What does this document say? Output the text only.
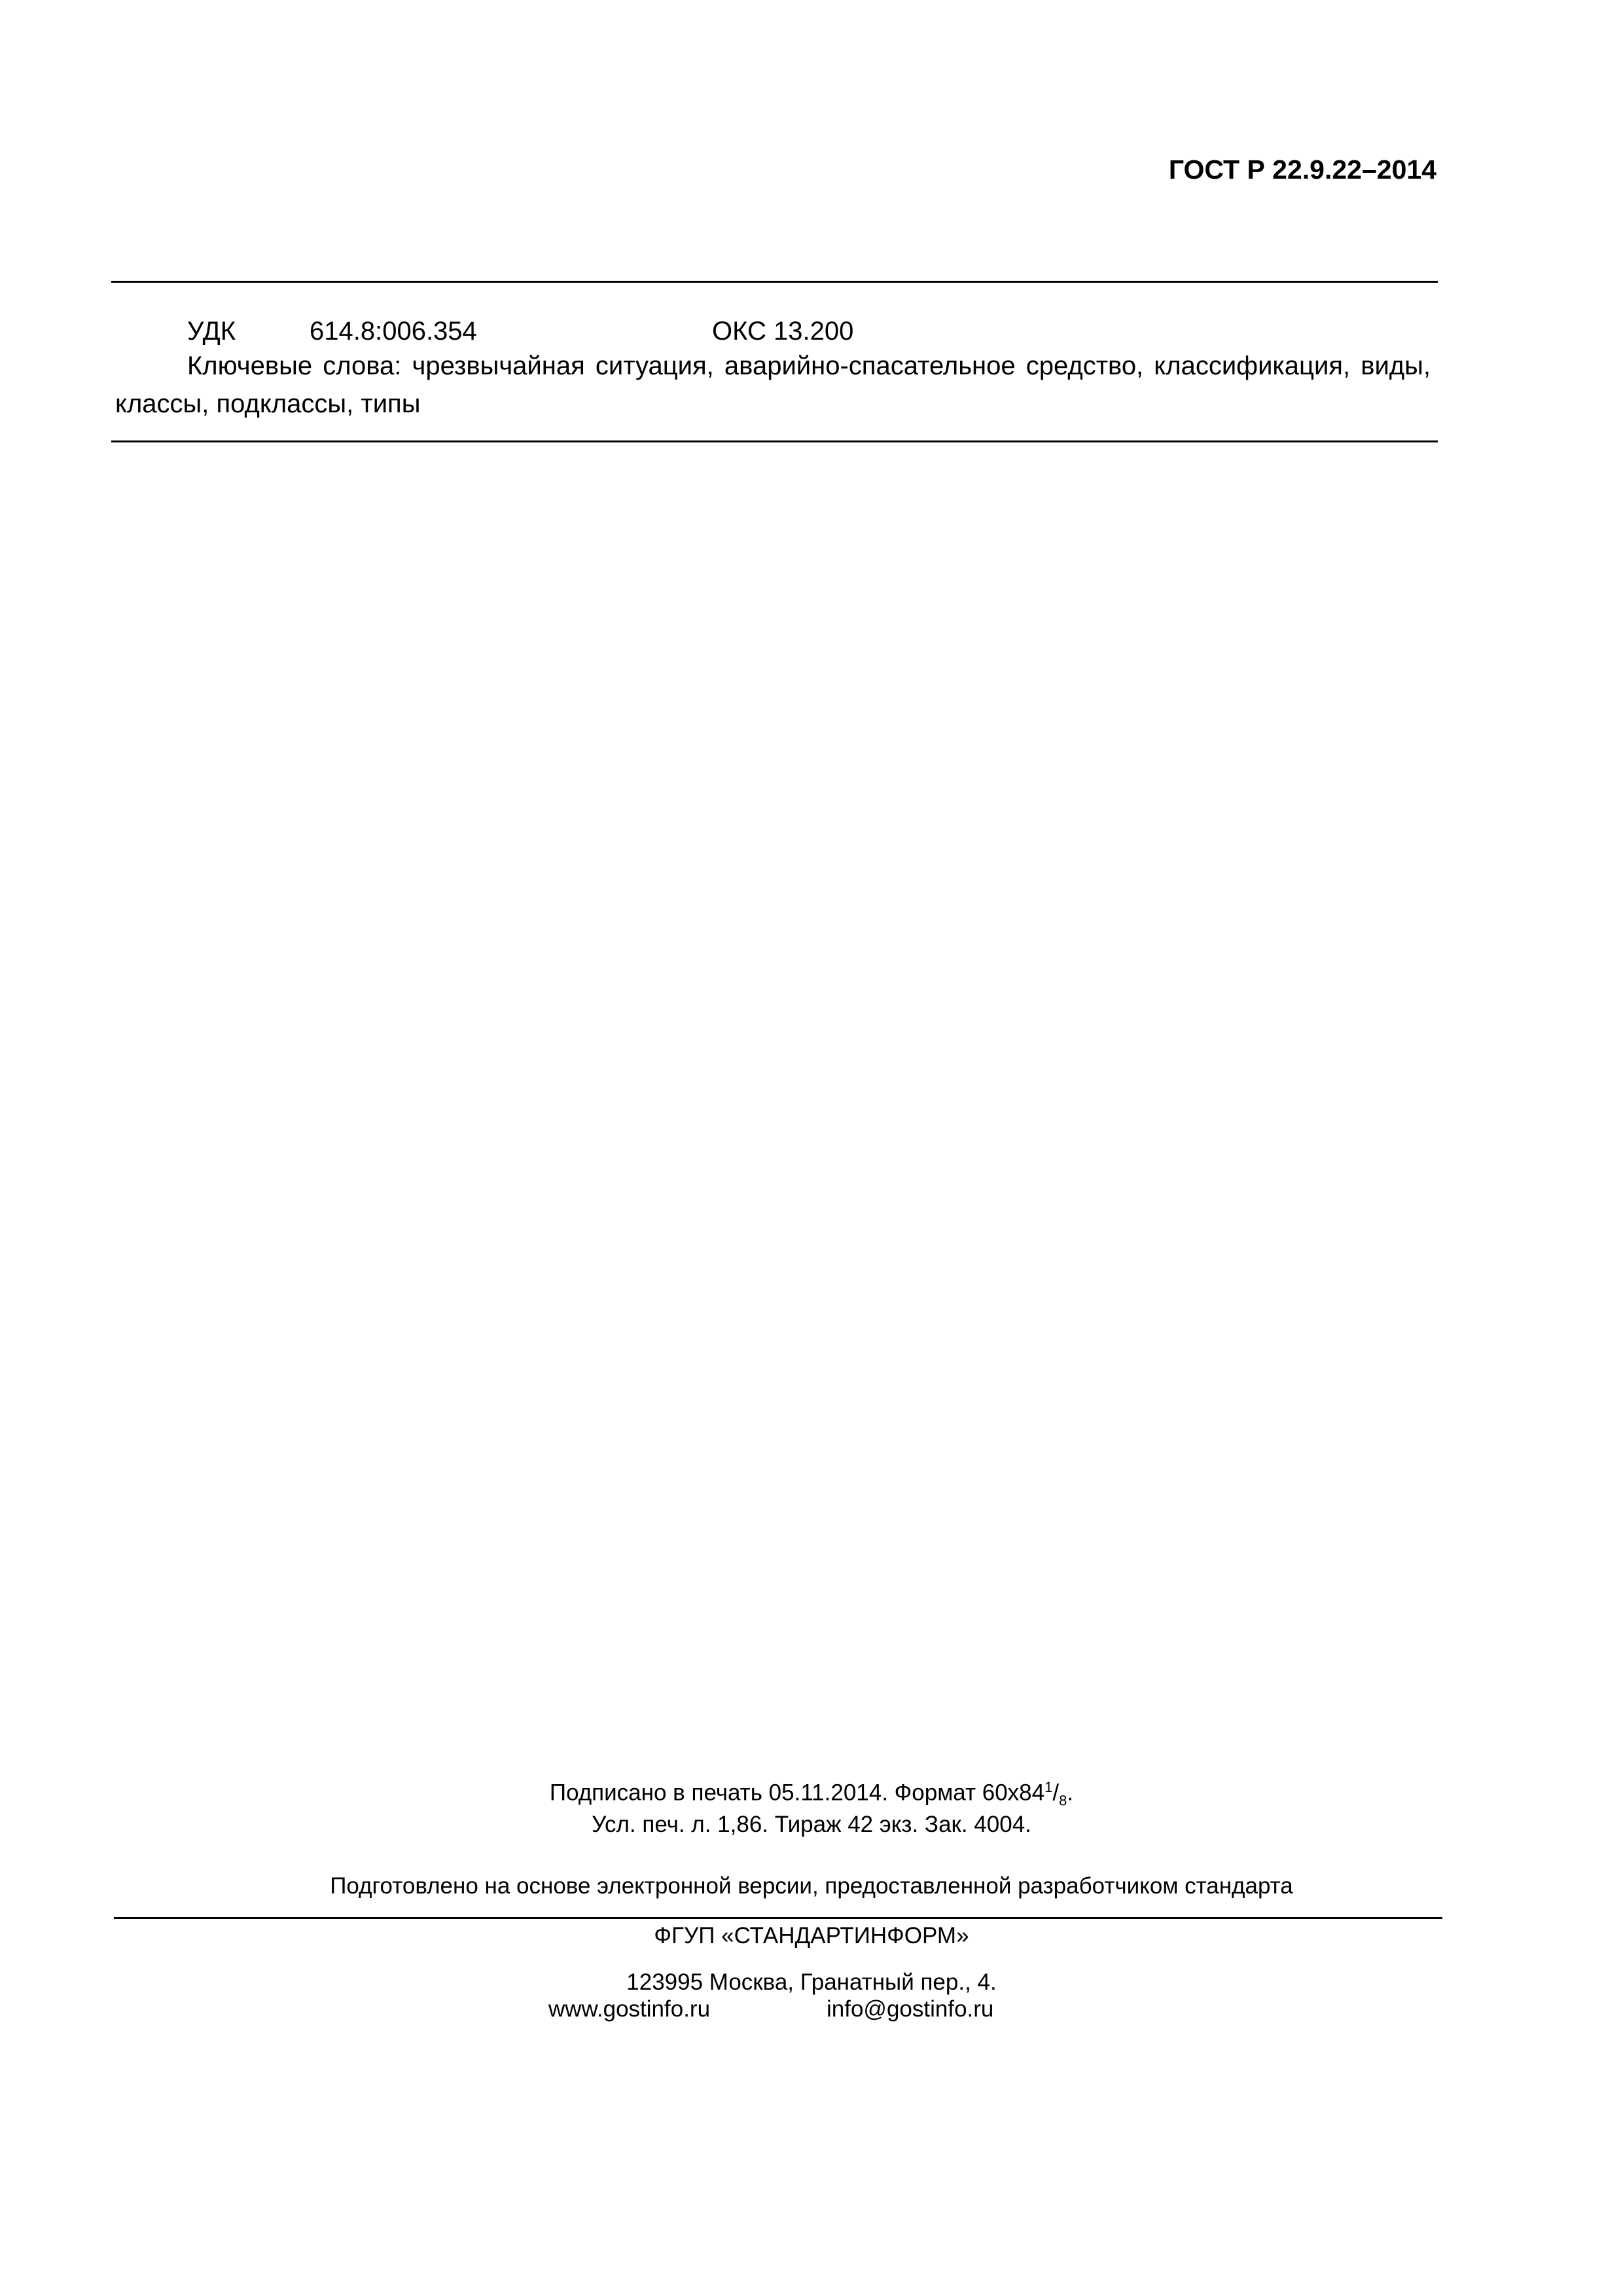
ГОСТ Р 22.9.22–2014
УДК	614.8:006.354	ОКС 13.200
Ключевые слова: чрезвычайная ситуация, аварийно-спасательное средство, классификация, виды, классы, подклассы, типы
Подписано в печать 05.11.2014. Формат $60x84^1/_8$.
Усл. печ. л. 1,86. Тираж 42 экз. Зак. 4004.
Подготовлено на основе электронной версии, предоставленной разработчиком стандарта
ФГУП «СТАНДАРТИНФОРМ»
123995 Москва, Гранатный пер., 4.
www.gostinfo.ru	info@gostinfo.ru
